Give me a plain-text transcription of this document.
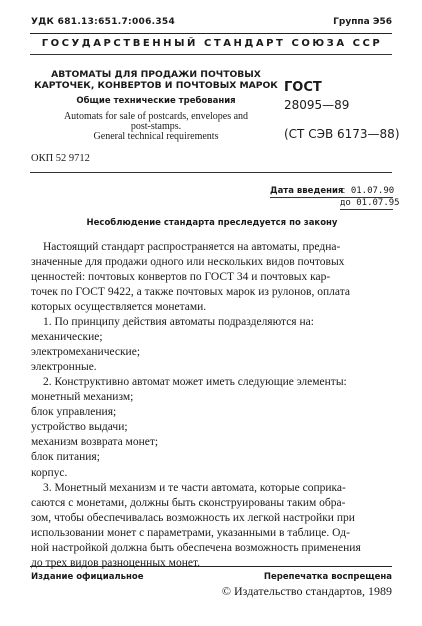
УДК 681.13:651.7:006.354	Группа Э56
ГОСУДАРСТВЕННЫЙ СТАНДАРТ СОЮЗА ССР
АВТОМАТЫ ДЛЯ ПРОДАЖИ ПОЧТОВЫХ
КАРТОЧЕК, КОНВЕРТОВ И ПОЧТОВЫХ МАРОК
Общие технические требования
Automats for sale of postcards, envelopes and
post-stamps.
General technical requirements
ГОСТ
28095—89
(СТ СЭВ 6173—88)
ОКП 52 9712
Дата введения
с 01.07.90
до 01.07.95
Несоблюдение стандарта преследуется по закону
Настоящий стандарт распространяется на автоматы, предна-
значенные для продажи одного или нескольких видов почтовых
ценностей: почтовых конвертов по ГОСТ 34 и почтовых кар-
точек по ГОСТ 9422, а также почтовых марок из рулонов, оплата
которых осуществляется монетами.
1. По принципу действия автоматы подразделяются на:
механические;
электромеханические;
электронные.
2. Конструктивно автомат может иметь следующие элементы:
монетный механизм;
блок управления;
устройство выдачи;
механизм возврата монет;
блок питания;
корпус.
3. Монетный механизм и те части автомата, которые соприка-
саются с монетами, должны быть сконструированы таким обра-
зом, чтобы обеспечивалась возможность их легкой настройки при
использовании монет с параметрами, указанными в таблице. Од-
ной настройкой должна быть обеспечена возможность применения
до трех видов разноценных монет.
Издание официальное	Перепечатка воспрещена
© Издательство стандартов, 1989
